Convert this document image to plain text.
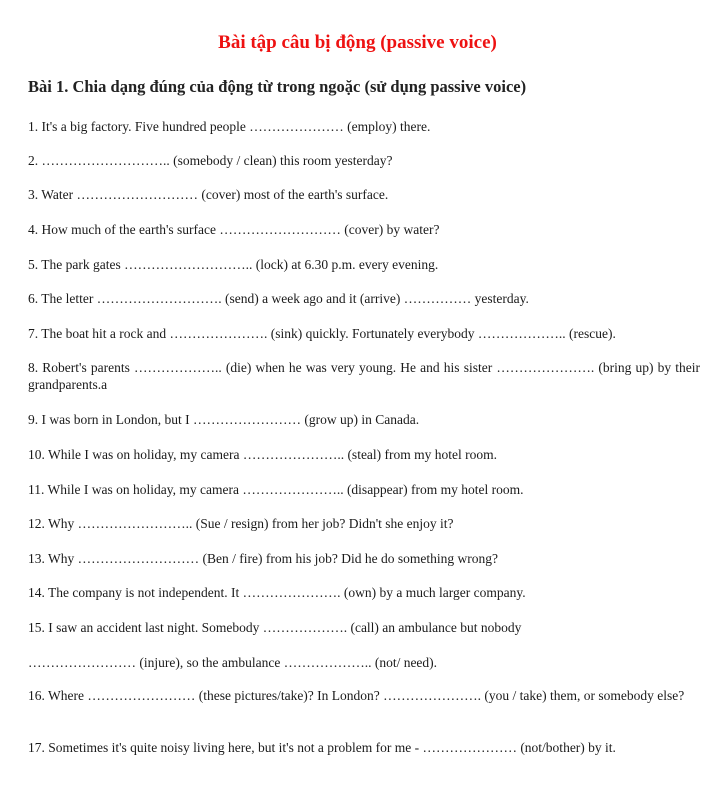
Bài tập câu bị động (passive voice)
Bài 1. Chia dạng đúng của động từ trong ngoặc (sử dụng passive voice)
1. It's a big factory. Five hundred people ………………… (employ) there.
2. ……………………….. (somebody / clean) this room yesterday?
3. Water ……………………… (cover) most of the earth's surface.
4. How much of the earth's surface ……………………… (cover) by water?
5. The park gates ……………………….. (lock) at 6.30 p.m. every evening.
6. The letter ………………………. (send) a week ago and it (arrive) …………… yesterday.
7. The boat hit a rock and …………………. (sink) quickly. Fortunately everybody ……………….. (rescue).
8. Robert's parents ……………….. (die) when he was very young. He and his sister …………………. (bring up) by their grandparents.a
9. I was born in London, but I …………………… (grow up) in Canada.
10. While I was on holiday, my camera ………………….. (steal) from my hotel room.
11. While I was on holiday, my camera ………………….. (disappear) from my hotel room.
12. Why …………………….. (Sue / resign) from her job? Didn't she enjoy it?
13. Why ……………………… (Ben / fire) from his job? Did he do something wrong?
14. The company is not independent. It …………………. (own) by a much larger company.
15. I saw an accident last night. Somebody ………………. (call) an ambulance but nobody
…………………… (injure), so the ambulance ……………….. (not/ need).
16. Where …………………… (these pictures/take)? In London? …………………. (you / take) them, or somebody else?
17. Sometimes it's quite noisy living here, but it's not a problem for me - ………………… (not/bother) by it.
